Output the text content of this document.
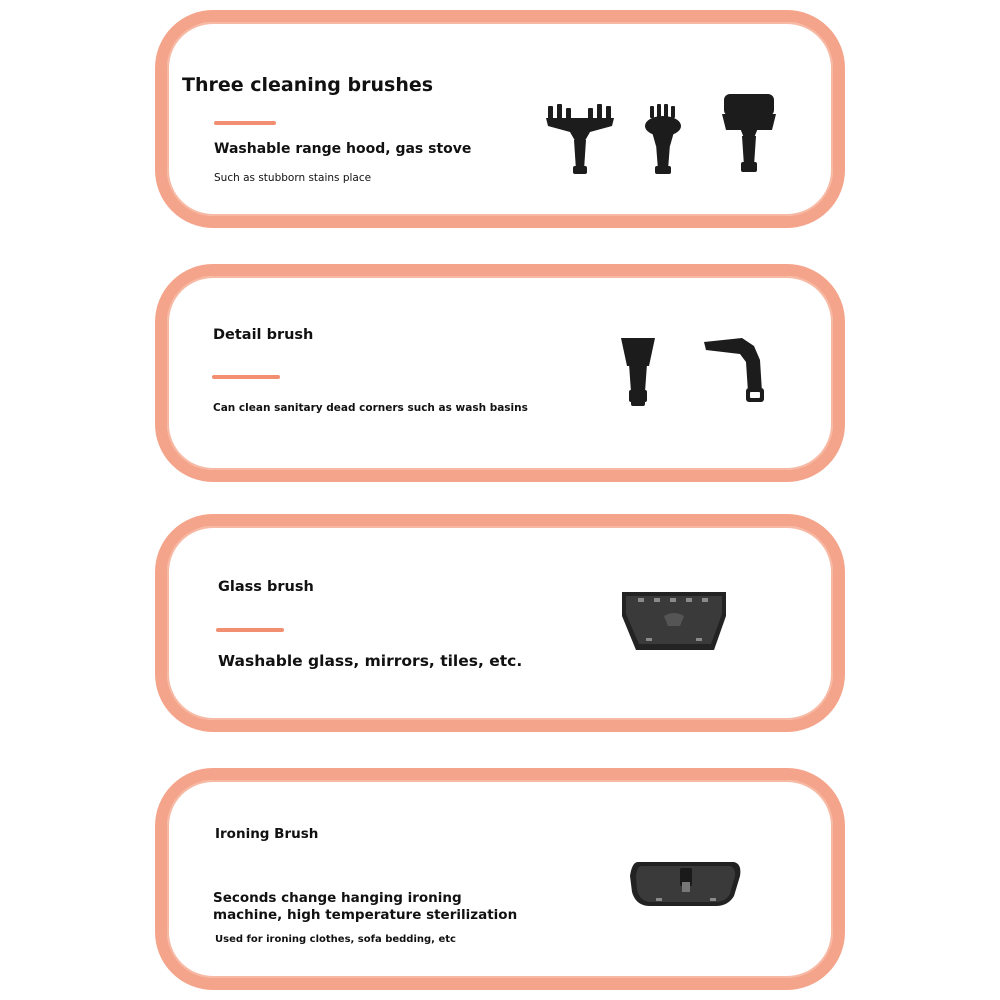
Three cleaning brushes
Washable range hood, gas stove
Such as stubborn stains place
Detail brush
Can clean sanitary dead corners such as wash basins
Glass brush
Washable glass, mirrors, tiles, etc.
Ironing Brush
Seconds change hanging ironing
machine, high temperature sterilization
Used for ironing clothes, sofa bedding, etc
